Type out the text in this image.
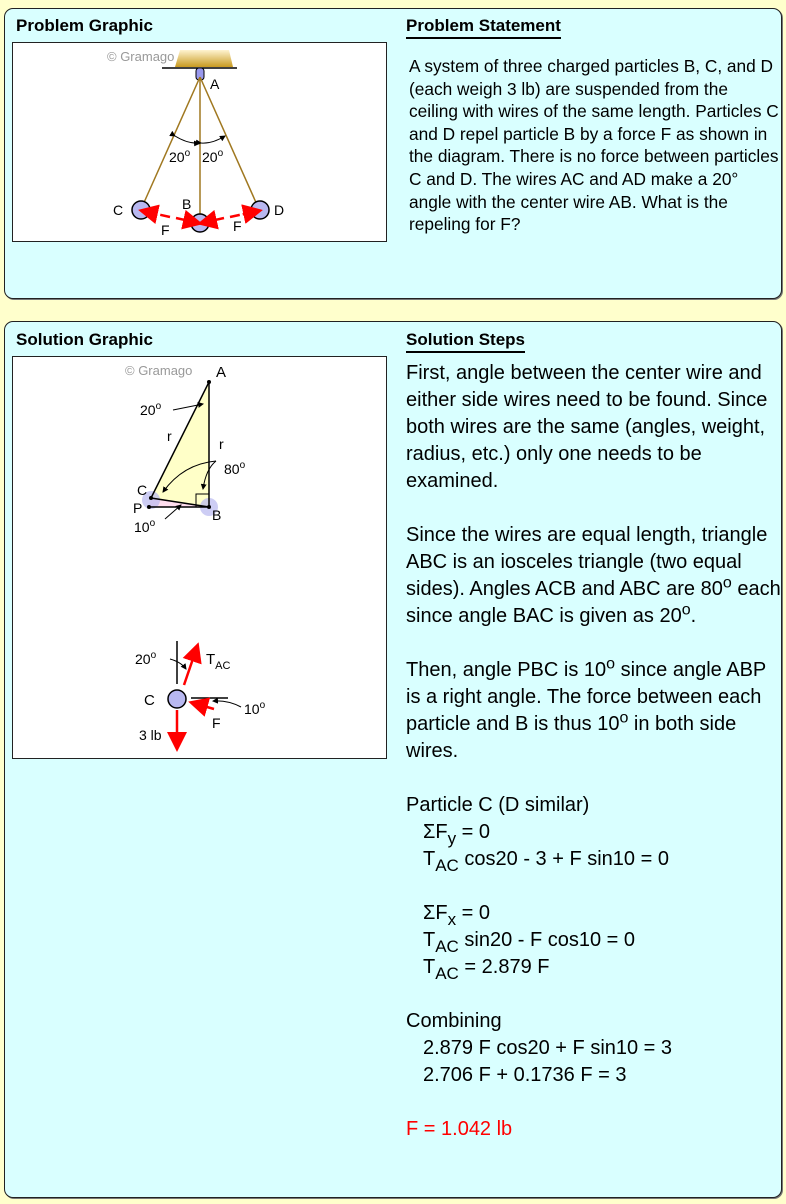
Problem Graphic	Problem Statement
© Gramago
A
20$^o$ 20$^o$
C	B	D
F	F
A system of three charged particles B, C, and D (each weigh 3 lb) are suspended from the ceiling with wires of the same length. Particles C and D repel particle B by a force F as shown in the diagram. There is no force between particles C and D. The wires AC and AD make a 20° angle with the center wire AB. What is the repeling for F?
Solution Graphic	Solution Steps
© Gramago A
20$^o$
r	r
80$^o$
C
P	B
10$^o$
20$^o$	$T_{AC}$
C	10$^o$
F
3 lb

First, angle between the center wire and either side wires need to be found. Since both wires are the same (angles, weight, radius, etc.) only one needs to be examined.

Since the wires are equal length, triangle ABC is an iosceles triangle (two equal sides). Angles ACB and ABC are 80$^o$ each since angle BAC is given as 20$^o$.

Then, angle PBC is 10$^o$ since angle ABP is a right angle. The force between each particle and B is thus 10$^o$ in both side wires.

Particle C (D similar)

$\Sigma F_y = 0$

$T_{AC}$ cos20 - 3 + F sin10 = 0

$\Sigma F_x = 0$

$T_{AC}$ sin20 - F cos10 = 0

$T_{AC} = 2.879$ F

Combining

2.879 F cos20 + F sin10 = 3

2.706 F + 0.1736 F = 3

F = 1.042 lb
